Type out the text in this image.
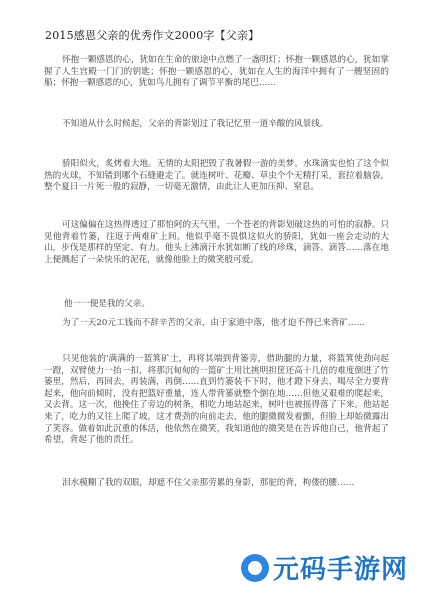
2015感恩父亲的优秀作文2000字【父亲】

怀抱一颗感恩的心，犹如在生命的旅途中点燃了一盏明灯；怀抱一颗感恩的心，犹如掌握了人生宫殿一门门的钥匙；怀抱一颗感恩的心，犹如在人生的海洋中拥有了一艘坚固的船；怀抱一颗感恩的心，犹如鸟儿拥有了调节平衡的尾巴……

不知道从什么时候起，父亲的背影划过了我记忆里一道辛酸的风景线。

骄阳似火，炙烤着大地。无情的太阳把毁了我暑假一游的美梦。水珠滴实也怕了这个似热的火球，不知错到哪个石缝避走了。就连树叶、花瓣、草虫个个无精打采，套拉着脑袋，整个夏日一片死一般的寂静，一切毫无激情，由此让人更加压抑、窒息。

可这偏偏在这热得透过了那怕阿的天气里，一个苍老的背影划破这热的可怕的寂静。只见他背着竹篓，往返于两难矿上间。他似乎毫不畏惧这似火的骄阳，犹如一座会走动的大山，步伐是那样的坚定、有力。他头上沸滴汗水犹如断了线的珍珠，滴答、滴答……落在地上便溅起了一朵快乐的泥花，就像他脸上的微笑般可爱。

他一一便是我的父亲。

为了一天20元工钱而不辞辛苦的父亲，由于家道中落，他才迫不得已来背矿……

只见他装的'满满的一篮箕矿土，再将其端到背篓旁，借助腿的力量，将篮箕使劲向起一蹬，双臂使力一抬一扣，将那沉甸甸的一篮矿土用比挑明担筐还高十几倍的难度倒进了竹篓里，然后，再回去，再装满，再倒……直到竹篓装不下时，他才蹬下身去，喝尽全力要背起来，他向前倾时，没有把篮好重量，连人带背篓就整个倒在地……但他又艰难的爬起来，又去背。这一次，他挽住了旁边的树条，相吃力地站起来，树叶也被摇得落了下来。他站起来了，吃力的又往上爬了坡，这才费劲的向前走去，他的腿微微发着颤，但脸上却始微露出了笑容。做着如此沉重的体活，他依然在微笑，我知道他的微笑是在告诉他自己，他背起了希望，背起了他的责任。

泪水模糊了我的双眼，却遮不住父亲那劳累的身影，那驼的背，枸偻的腰……

元码手游网
